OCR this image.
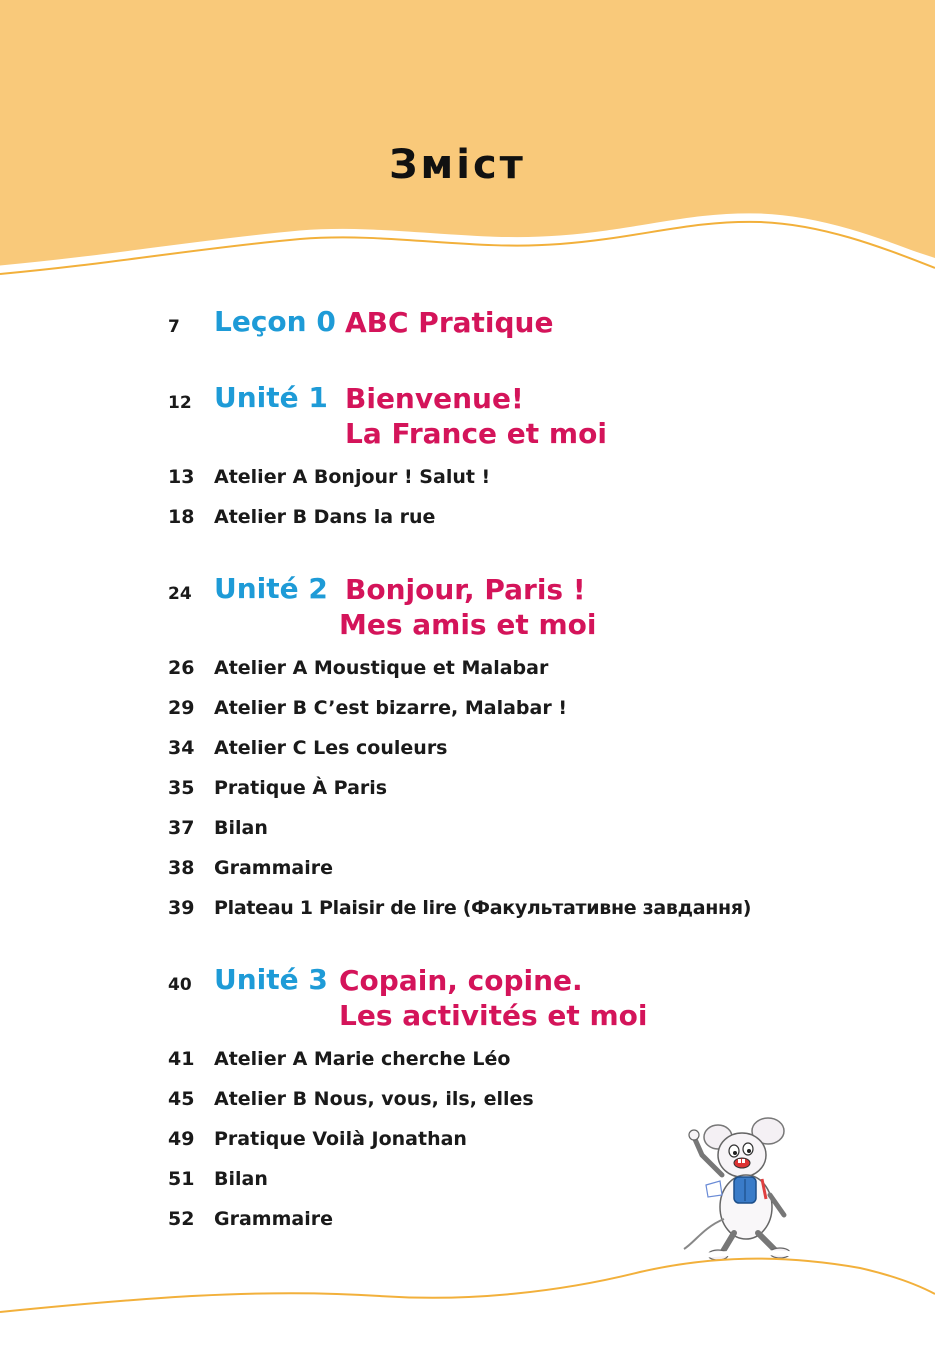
Зміст
7	Leçon 0 ABC Pratique
12 Unité 1 Bienvenue!
La France et moi
13	Atelier A Bonjour ! Salut !
18	Atelier B Dans la rue
24 Unité 2 Bonjour, Paris !
Mes amis et moi
26	Atelier A Moustique et Malabar
29	Atelier B C’est bizarre, Malabar !
34	Atelier C Les couleurs
35	Pratique À Paris
37	Bilan
38	Grammaire
39	Plateau 1 Plaisir de lire (Факультативне завдання)
40 Unité 3 Copain, copine.
Les activités et moi
41	Atelier A Marie cherche Léo
45	Atelier B Nous, vous, ils, elles
49	Pratique Voilà Jonathan
51	Bilan
52	Grammaire
